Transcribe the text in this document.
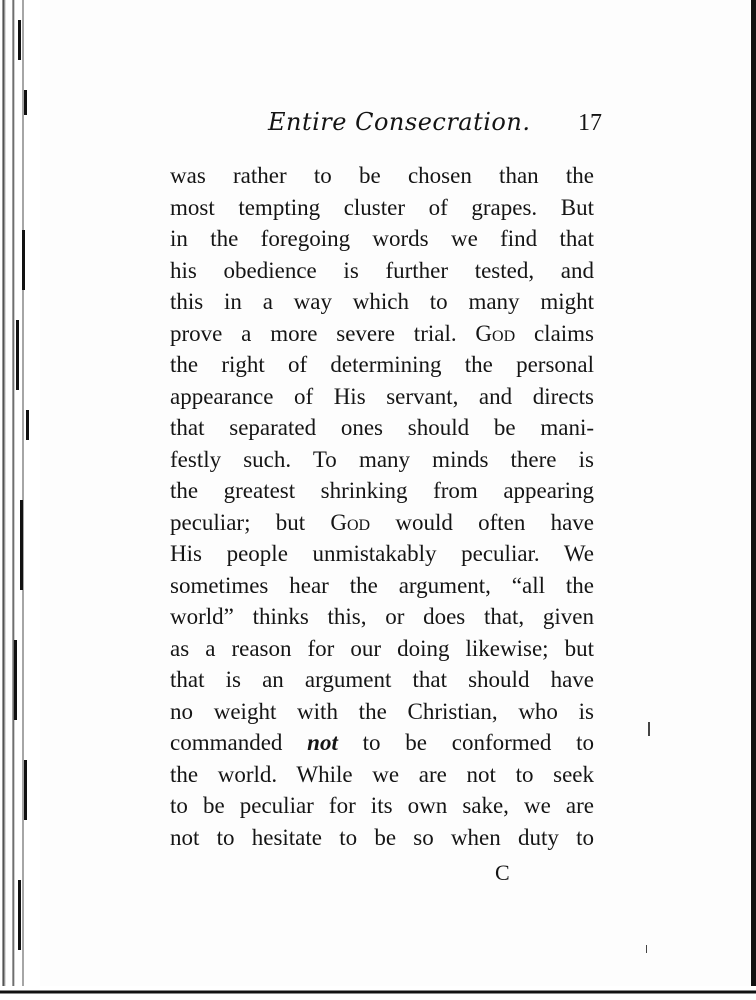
Entire Consecration. 17
was rather to be chosen than the
most tempting cluster of grapes. But
in the foregoing words we find that
his obedience is further tested, and
this in a way which to many might
prove a more severe trial. God claims
the right of determining the personal
appearance of His servant, and directs
that separated ones should be mani-
festly such. To many minds there is
the greatest shrinking from appearing
peculiar; but God would often have
His people unmistakably peculiar. We
sometimes hear the argument, “all the
world” thinks this, or does that, given
as a reason for our doing likewise; but
that is an argument that should have
no weight with the Christian, who is
commanded not to be conformed to
the world. While we are not to seek
to be peculiar for its own sake, we are
not to hesitate to be so when duty to
C
